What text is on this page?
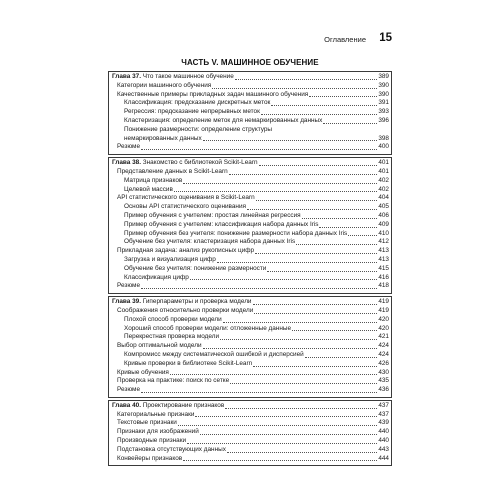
Оглавление 15
ЧАСТЬ V. МАШИННОЕ ОБУЧЕНИЕ
Глава 37. Что такое машинное обучение	389
Категории машинного обучения	390
Качественные примеры прикладных задач машинного обучения	390
Классификация: предсказание дискретных меток	391
Регрессия: предсказание непрерывных меток	393
Кластеризация: определение меток для немаркированных данных	396
Понижение размерности: определение структуры
немаркированных данных	398
Резюме	400
Глава 38. Знакомство с библиотекой Scikit-Learn	401
Представление данных в Scikit-Learn	401
Матрица признаков	402
Целевой массив	402
API статистического оценивания в Scikit-Learn	404
Основы API статистического оценивания	405
Пример обучения с учителем: простая линейная регрессия	406
Пример обучения с учителем: классификация набора данных Iris	409
Пример обучения без учителя: понижение размерности набора данных Iris	410
Обучение без учителя: кластеризация набора данных Iris	412
Прикладная задача: анализ рукописных цифр	413
Загрузка и визуализация цифр	413
Обучение без учителя: понижение размерности	415
Классификация цифр	416
Резюме	418
Глава 39. Гиперпараметры и проверка модели	419
Соображения относительно проверки модели	419
Плохой способ проверки модели	420
Хороший способ проверки модели: отложенные данные	420
Перекрестная проверка модели	421
Выбор оптимальной модели	424
Компромисс между систематической ошибкой и дисперсией	424
Кривые проверки в библиотеке Scikit-Learn	426
Кривые обучения	430
Проверка на практике: поиск по сетке	435
Резюме	436
Глава 40. Проектирование признаков	437
Категориальные признаки	437
Текстовые признаки	439
Признаки для изображений	440
Производные признаки	440
Подстановка отсутствующих данных	443
Конвейеры признаков	444
